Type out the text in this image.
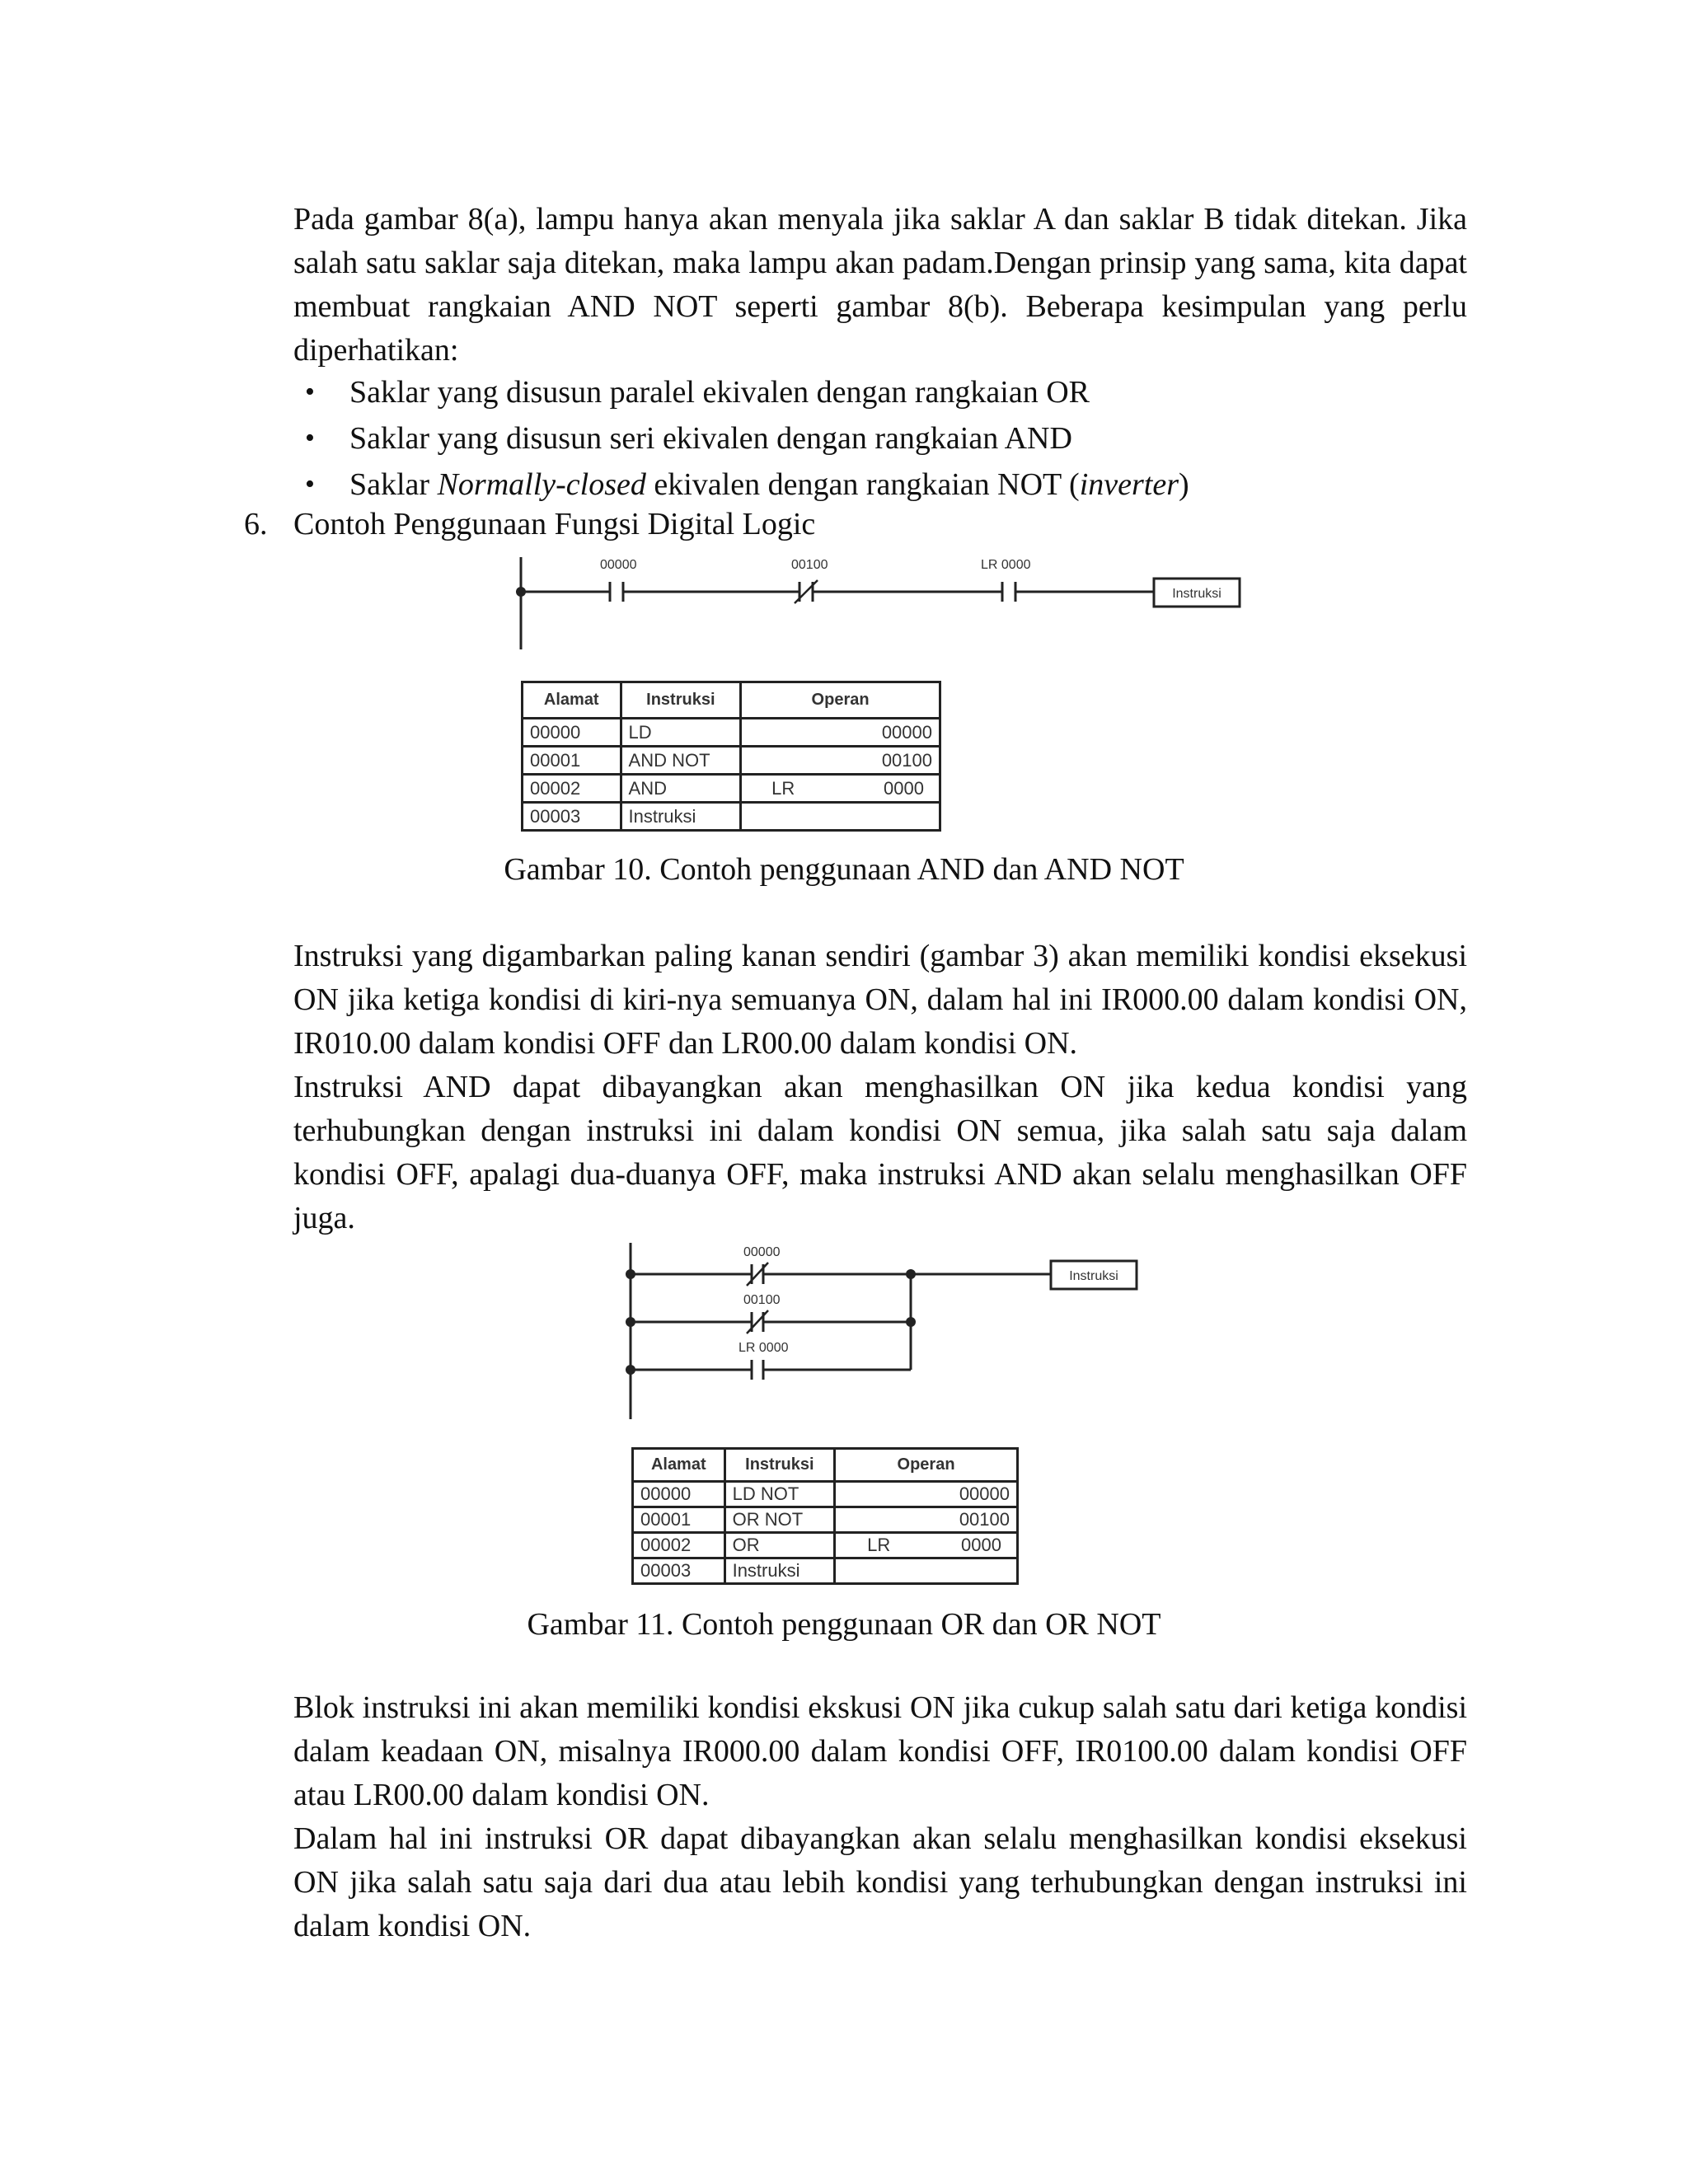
Pada gambar 8(a), lampu hanya akan menyala jika saklar A dan saklar B tidak ditekan. Jika salah satu saklar saja ditekan, maka lampu akan padam.Dengan prinsip yang sama, kita dapat membuat rangkaian AND NOT seperti gambar 8(b). Beberapa kesimpulan yang perlu diperhatikan:

• Saklar yang disusun paralel ekivalen dengan rangkaian OR
• Saklar yang disusun seri ekivalen dengan rangkaian AND
• Saklar Normally-closed ekivalen dengan rangkaian NOT (inverter)

6. Contoh Penggunaan Fungsi Digital Logic

00000	00100	LR 0000
Instruksi
Alamat	Instruksi	Operan
00000	LD	00000

00001	AND NOT	00100

00002	AND	LR 0000

00003	Instruksi	

Gambar 10. Contoh penggunaan AND dan AND NOT

Instruksi yang digambarkan paling kanan sendiri (gambar 3) akan memiliki kondisi eksekusi ON jika ketiga kondisi di kiri-nya semuanya ON, dalam hal ini IR000.00 dalam kondisi ON, IR010.00 dalam kondisi OFF dan LR00.00 dalam kondisi ON.

Instruksi AND dapat dibayangkan akan menghasilkan ON jika kedua kondisi yang terhubungkan dengan instruksi ini dalam kondisi ON semua, jika salah satu saja dalam kondisi OFF, apalagi dua-duanya OFF, maka instruksi AND akan selalu menghasilkan OFF juga.

00000
Instruksi
00100
LR 0000
Alamat	Instruksi	Operan
00000	LD NOT	00000

00001	OR NOT	00100

00002	OR	LR 0000

00003	Instruksi	

Gambar 11. Contoh penggunaan OR dan OR NOT

Blok instruksi ini akan memiliki kondisi ekskusi ON jika cukup salah satu dari ketiga kondisi dalam keadaan ON, misalnya IR000.00 dalam kondisi OFF, IR0100.00 dalam kondisi OFF atau LR00.00 dalam kondisi ON.

Dalam hal ini instruksi OR dapat dibayangkan akan selalu menghasilkan kondisi eksekusi ON jika salah satu saja dari dua atau lebih kondisi yang terhubungkan dengan instruksi ini dalam kondisi ON.
